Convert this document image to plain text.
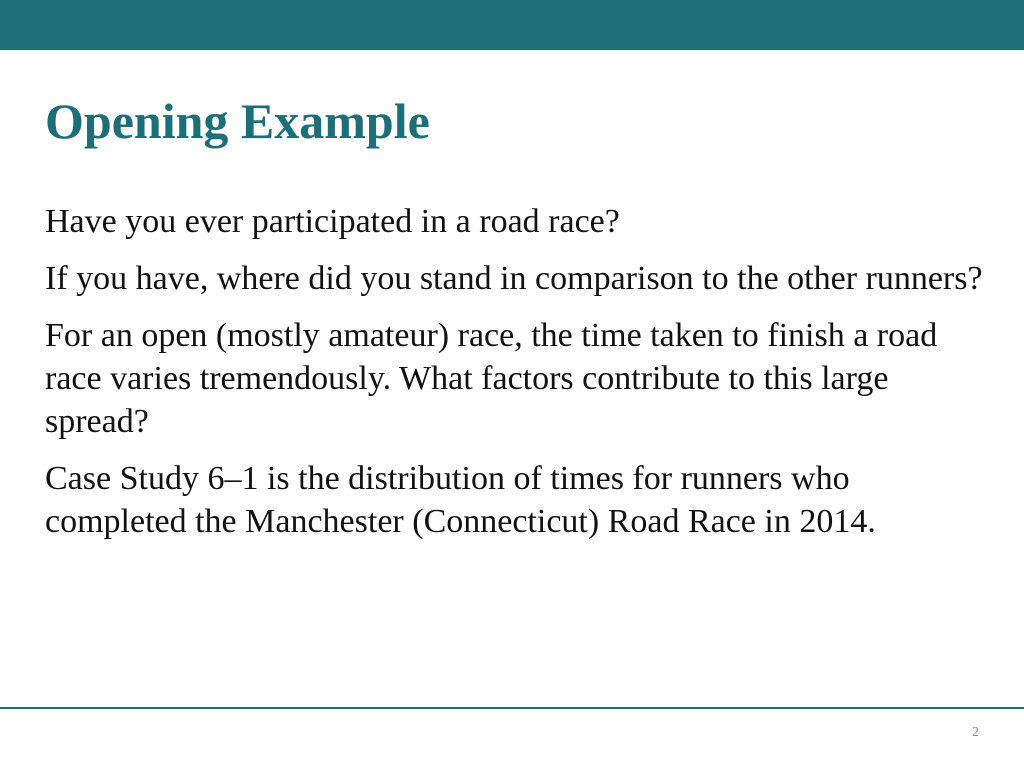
Opening Example
Have you ever participated in a road race?
If you have, where did you stand in comparison to the other runners?
For an open (mostly amateur) race, the time taken to finish a road race varies tremendously. What factors contribute to this large spread?
Case Study 6–1 is the distribution of times for runners who completed the Manchester (Connecticut) Road Race in 2014.
2
